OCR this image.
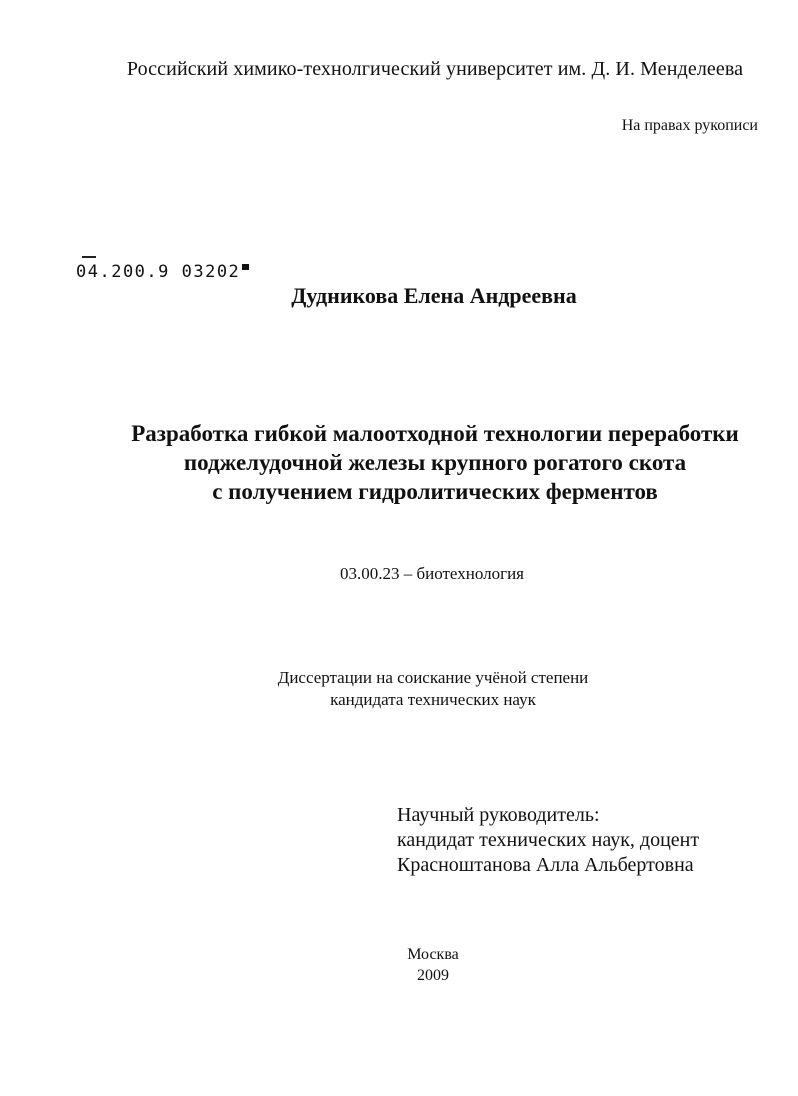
Российский химико-технолгический университет им. Д. И. Менделеева
На правах рукописи
04.200.9 03202
Дудникова Елена Андреевна
Разработка гибкой малоотходной технологии переработки
поджелудочной железы крупного рогатого скота
с получением гидролитических ферментов
03.00.23 – биотехнология
Диссертации на соискание учёной степени
кандидата технических наук
Научный руководитель:
кандидат технических наук, доцент
Красноштанова Алла Альбертовна
Москва
2009
